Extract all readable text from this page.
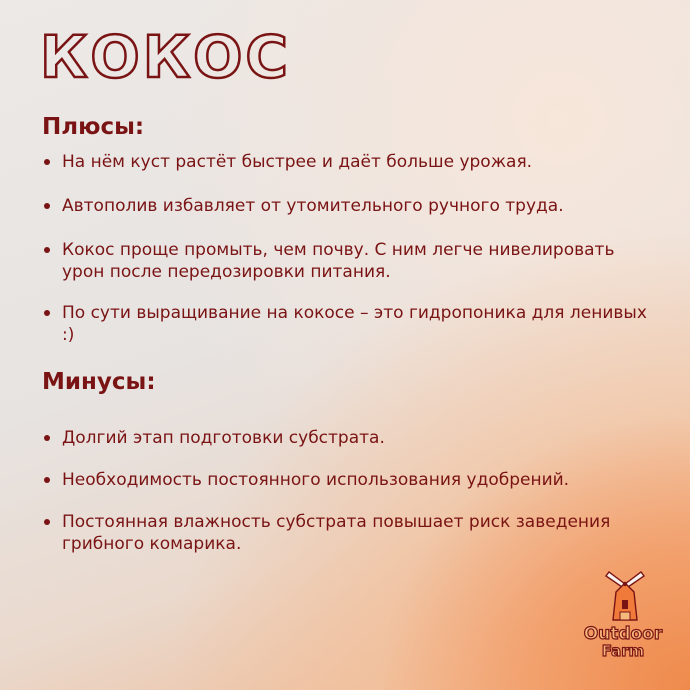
КОКОС
Плюсы:
На нём куст растёт быстрее и даёт больше урожая.
Автополив избавляет от утомительного ручного труда.
Кокос проще промыть, чем почву. С ним легче нивелировать урон после передозировки питания.
По сути выращивание на кокосе – это гидропоника для ленивых :)
Минусы:
Долгий этап подготовки субстрата.
Необходимость постоянного использования удобрений.
Постоянная влажность субстрата повышает риск заведения грибного комарика.
Outdoor
Farm
